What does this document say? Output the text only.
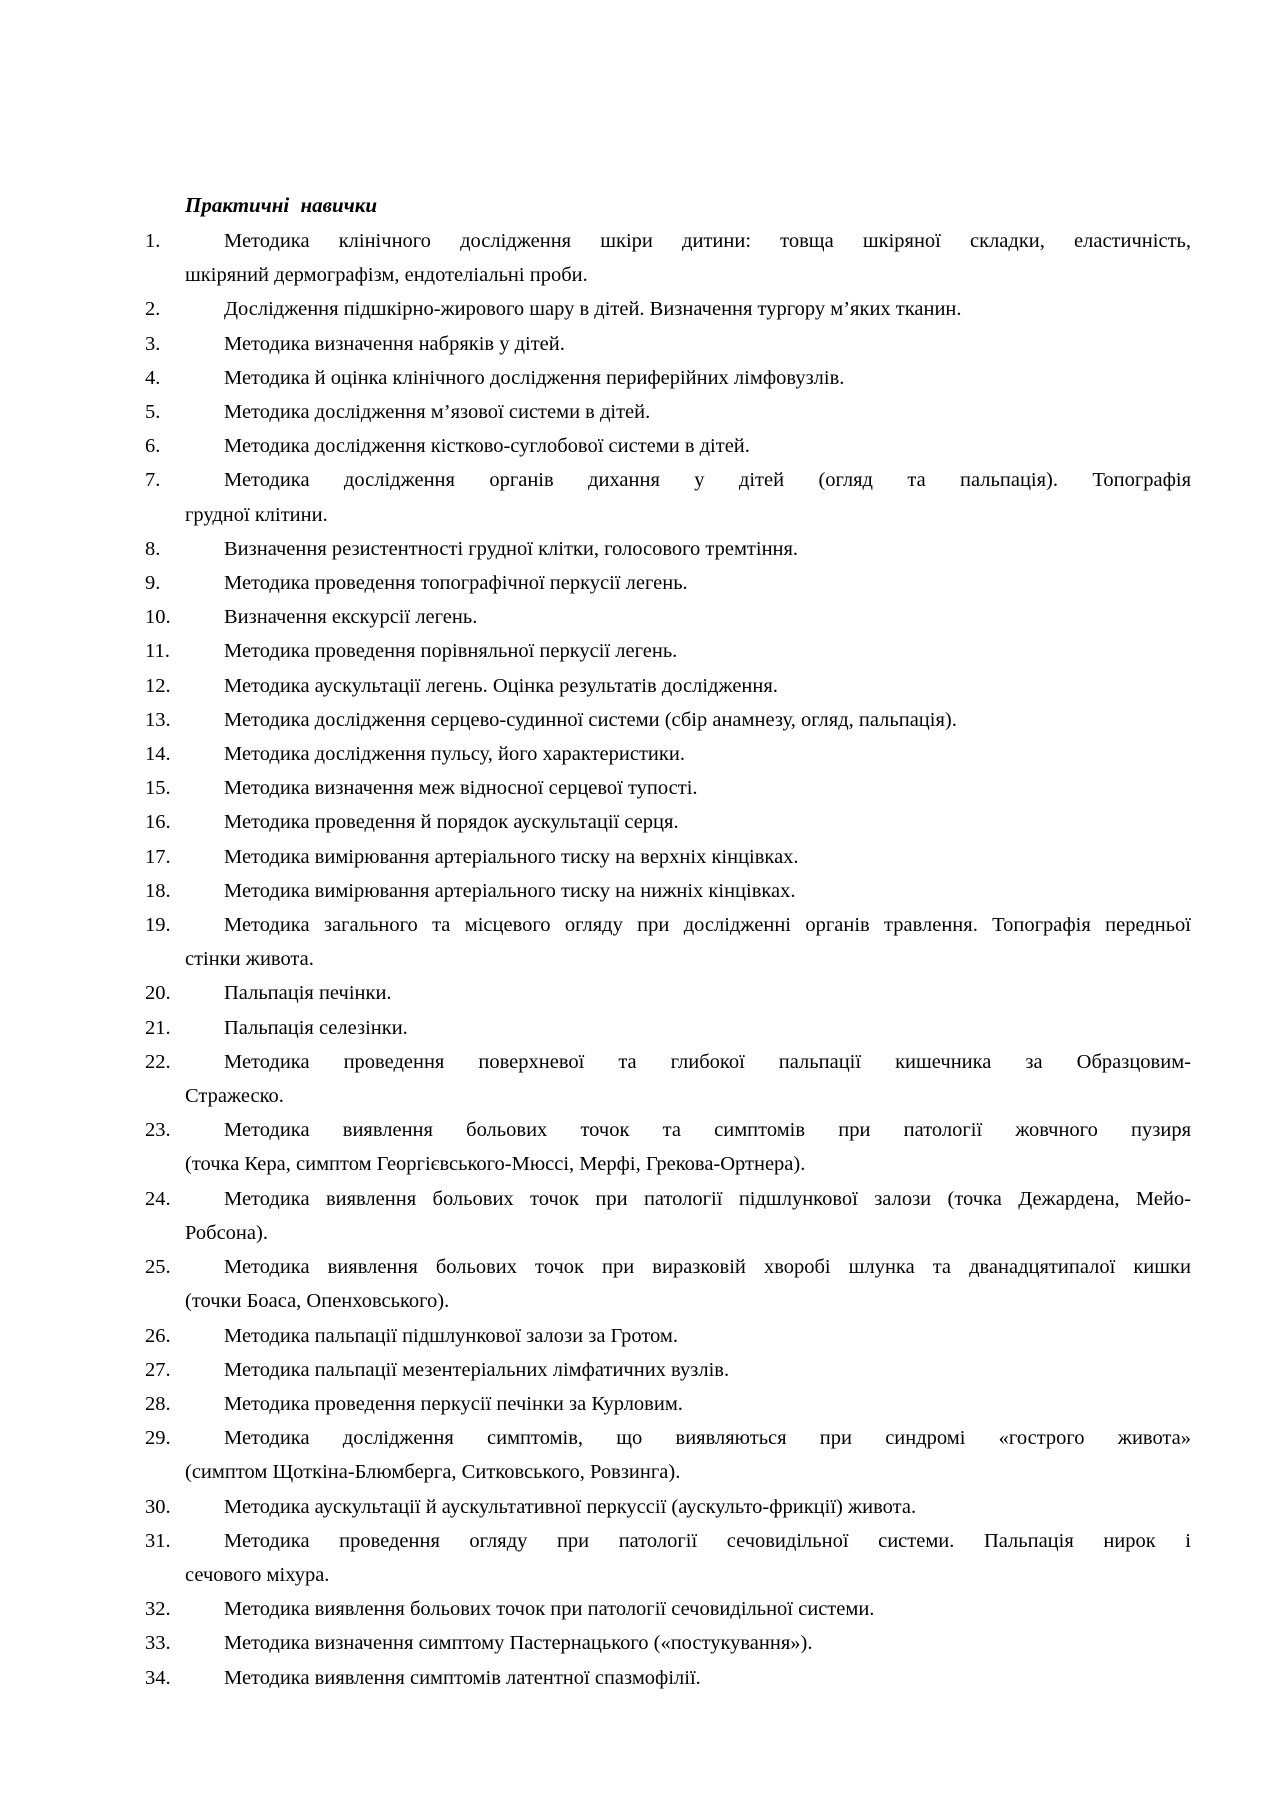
Практичні навички
1.	Методика клінічного дослідження шкіри дитини: товща шкіряної складки, еластичність,
шкіряний дермографізм, ендотеліальні проби.
2.	Дослідження підшкірно-жирового шару в дітей. Визначення тургору м’яких тканин.
3.	Методика визначення набряків у дітей.
4.	Методика й оцінка клінічного дослідження периферійних лімфовузлів.
5.	Методика дослідження м’язової системи в дітей.
6.	Методика дослідження кістково-суглобової системи в дітей.
7.	Методика дослідження органів дихання у дітей (огляд та пальпація). Топографія
грудної клітини.
8.	Визначення резистентності грудної клітки, голосового тремтіння.
9.	Методика проведення топографічної перкусії легень.
10.	Визначення екскурсії легень.
11.	Методика проведення порівняльної перкусії легень.
12.	Методика аускультації легень. Оцінка результатів дослідження.
13.	Методика дослідження серцево-судинної системи (сбір анамнезу, огляд, пальпація).
14.	Методика дослідження пульсу, його характеристики.
15.	Методика визначення меж відносної серцевої тупості.
16.	Методика проведення й порядок аускультації серця.
17.	Методика вимірювання артеріального тиску на верхніх кінцівках.
18.	Методика вимірювання артеріального тиску на нижніх кінцівках.
19.	Методика загального та місцевого огляду при дослідженні органів травлення. Топографія передньої
стінки живота.
20.	Пальпація печінки.
21.	Пальпація селезінки.
22.	Методика проведення поверхневої та глибокої пальпації кишечника за Образцовим-
Стражеско.
23.	Методика виявлення больових точок та симптомів при патології жовчного пузиря
(точка Кера, симптом Георгієвського-Мюссі, Мерфі, Грекова-Ортнера).
24.	Методика виявлення больових точок при патології підшлункової залози (точка Дежардена, Мейо-
Робсона).
25.	Методика виявлення больових точок при виразковій хворобі шлунка та дванадцятипалої кишки
(точки Боаса, Опенховського).
26.	Методика пальпації підшлункової залози за Гротом.
27.	Методика пальпації мезентеріальних лімфатичних вузлів.
28.	Методика проведення перкусії печінки за Курловим.
29.	Методика дослідження симптомів, що виявляються при синдромі «гострого живота»
(симптом Щоткіна-Блюмберга, Ситковського, Ровзинга).
30.	Методика аускультації й аускультативної перкуссії (аускульто-фрикції) живота.
31.	Методика проведення огляду при патології сечовидільної системи. Пальпація нирок і
сечового міхура.
32.	Методика виявлення больових точок при патології сечовидільної системи.
33.	Методика визначення симптому Пастернацького («постукування»).
34.	Методика виявлення симптомів латентної спазмофілії.
